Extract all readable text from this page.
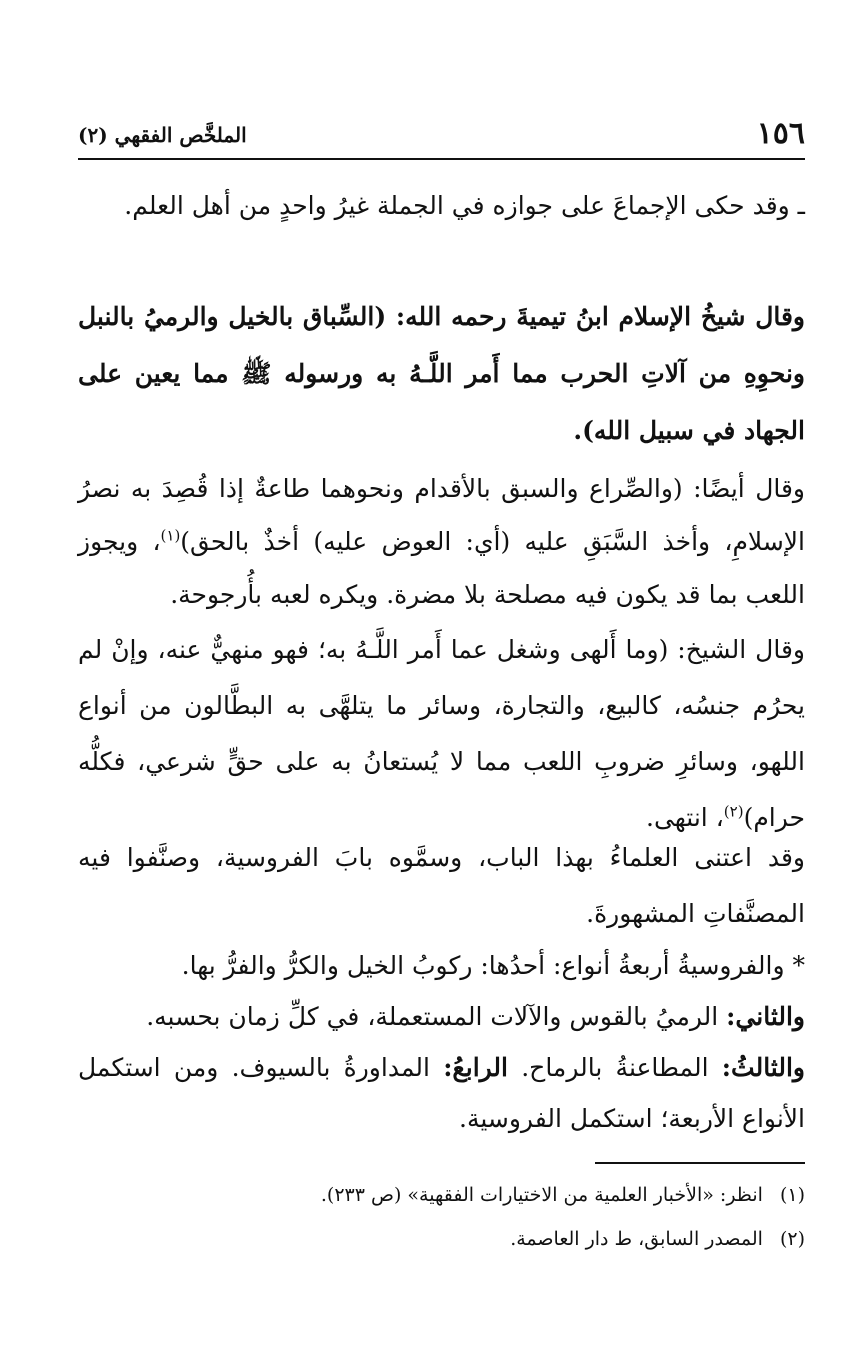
١٥٦
الملخَّص الفقهي (٢)

ـ وقد حكى الإجماعَ على جوازه في الجملة غيرُ واحدٍ من أهل العلم.

وقال شيخُ الإسلام ابنُ تيميةَ رحمه الله: (السِّباق بالخيل والرميُ بالنبل ونحوِهِ من آلاتِ الحرب مما أَمر اللَّـهُ به ورسوله ﷺ مما يعين على الجهاد في سبيل الله).

وقال أيضًا: (والصِّراع والسبق بالأقدام ونحوهما طاعةٌ إذا قُصِدَ به نصرُ الإسلامِ، وأخذ السَّبَقِ عليه (أي: العوض عليه) أخذٌ بالحق)$^{(١)}$، ويجوز اللعب بما قد يكون فيه مصلحة بلا مضرة. ويكره لعبه بأُرجوحة.

وقال الشيخ: (وما أَلهى وشغل عما أَمر اللَّـهُ به؛ فهو منهيٌّ عنه، وإنْ لم يحرُم جنسُه، كالبيع، والتجارة، وسائر ما يتلهَّى به البطَّالون من أنواع اللهو، وسائرِ ضروبِ اللعب مما لا يُستعانُ به على حقٍّ شرعي، فكلُّه حرام)$^{(٢)}$، انتهى.

وقد اعتنى العلماءُ بهذا الباب، وسمَّوه بابَ الفروسية، وصنَّفوا فيه المصنَّفاتِ المشهورةَ.

* والفروسيةُ أربعةُ أنواع: أحدُها: ركوبُ الخيل والكرُّ والفرُّ بها.
والثاني: الرميُ بالقوس والآلات المستعملة، في كلِّ زمان بحسبه.
والثالثُ: المطاعنةُ بالرماح. الرابعُ: المداورةُ بالسيوف. ومن استكمل الأنواع الأربعة؛ استكمل الفروسية.

(١) انظر: «الأخبار العلمية من الاختيارات الفقهية» (ص ٢٣٣).

(٢) المصدر السابق، ط دار العاصمة.
